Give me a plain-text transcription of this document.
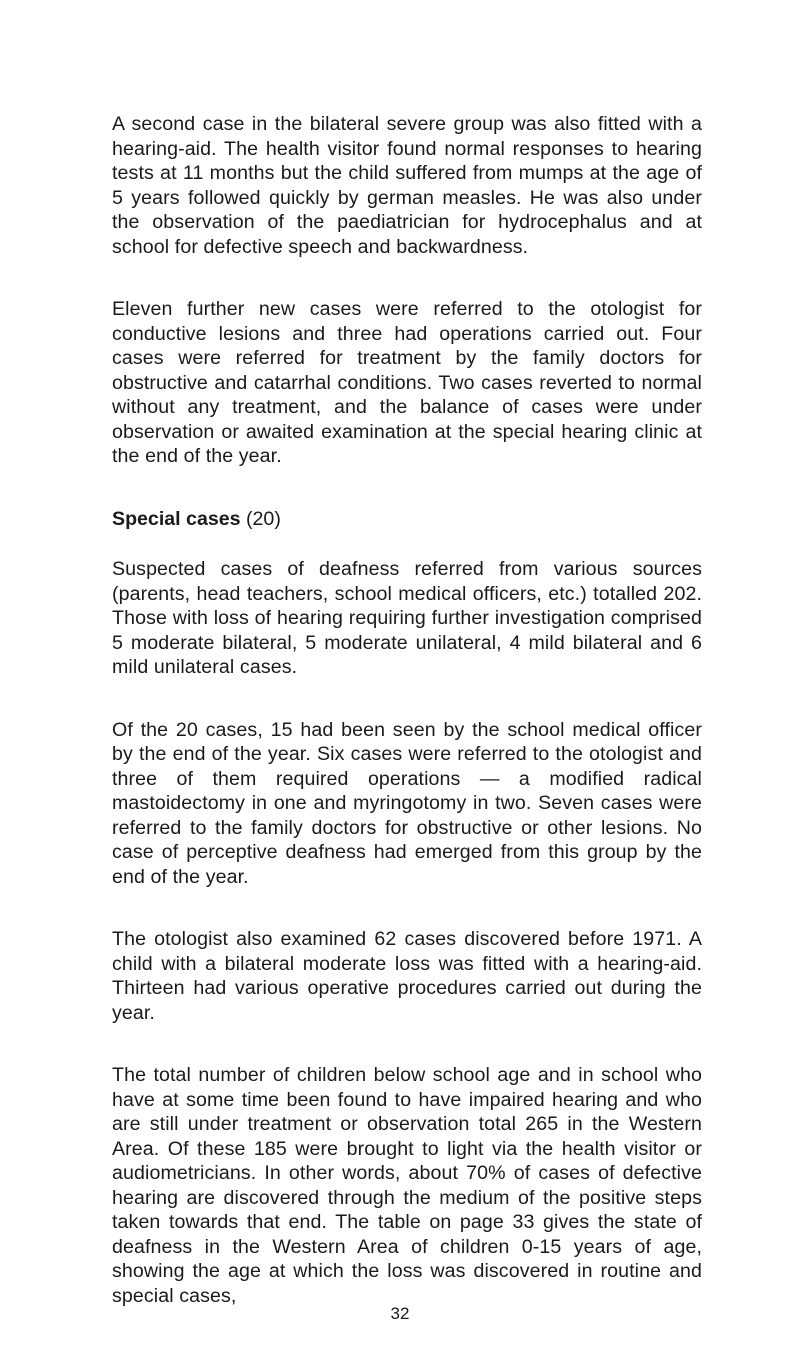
A second case in the bilateral severe group was also fitted with a hearing-aid. The health visitor found normal responses to hearing tests at 11 months but the child suffered from mumps at the age of 5 years followed quickly by german measles. He was also under the observation of the paediatrician for hydrocephalus and at school for defective speech and backwardness.

Eleven further new cases were referred to the otologist for conductive lesions and three had operations carried out. Four cases were referred for treatment by the family doctors for obstructive and catarrhal conditions. Two cases reverted to normal without any treatment, and the balance of cases were under observation or awaited examination at the special hearing clinic at the end of the year.

Special cases (20)

Suspected cases of deafness referred from various sources (parents, head teachers, school medical officers, etc.) totalled 202. Those with loss of hearing requiring further investigation comprised 5 moderate bilateral, 5 moderate unilateral, 4 mild bilateral and 6 mild unilateral cases.

Of the 20 cases, 15 had been seen by the school medical officer by the end of the year. Six cases were referred to the otologist and three of them required operations — a modified radical mastoidectomy in one and myringotomy in two. Seven cases were referred to the family doctors for obstructive or other lesions. No case of perceptive deafness had emerged from this group by the end of the year.

The otologist also examined 62 cases discovered before 1971. A child with a bilateral moderate loss was fitted with a hearing-aid. Thirteen had various operative procedures carried out during the year.

The total number of children below school age and in school who have at some time been found to have impaired hearing and who are still under treatment or observation total 265 in the Western Area. Of these 185 were brought to light via the health visitor or audiometricians. In other words, about 70% of cases of defective hearing are discovered through the medium of the positive steps taken towards that end. The table on page 33 gives the state of deafness in the Western Area of children 0-15 years of age, showing the age at which the loss was discovered in routine and special cases,

32
